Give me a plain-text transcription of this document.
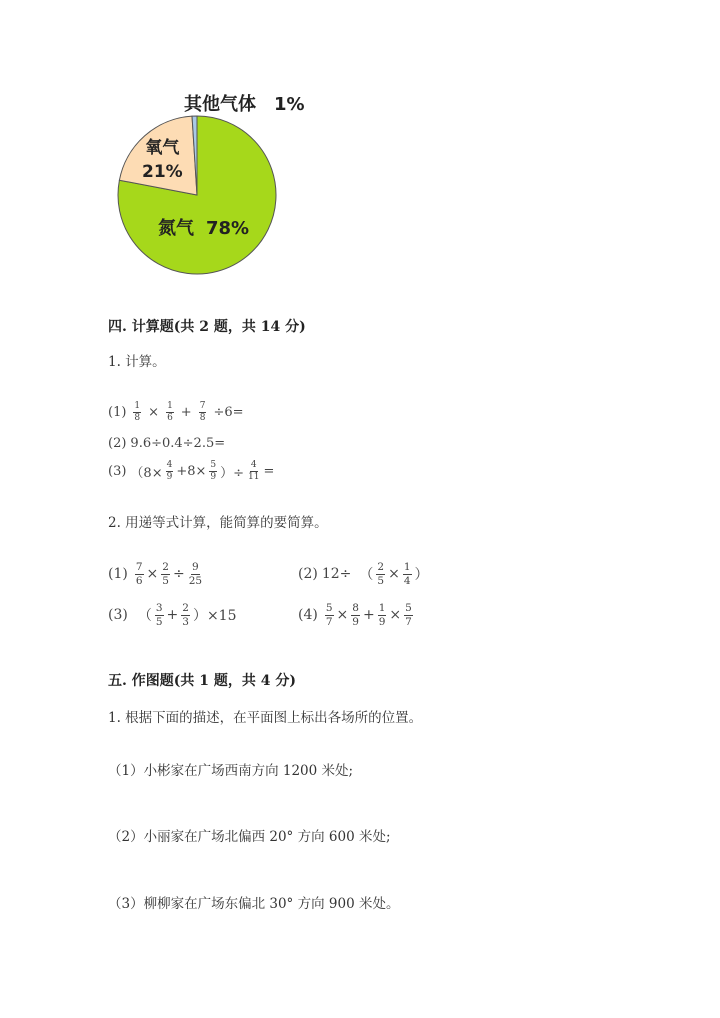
其他气体 1%
氧气
21%
氮气 78%
四. 计算题(共 2 题，共 14 分)
1. 计算。
$(1) \frac{1}{8} \times \frac{1}{6} + \frac{7}{8} \div 6=$
(2) 9.6÷0.4÷2.5=
(3) （$8\times \frac{4}{9} +8\times \frac{5}{9}$ ）÷ $\frac{4}{11}$ =
2. 用递等式计算，能简算的要简算。
$(1) \frac{7}{6} \times \frac{2}{5} \div \frac{9}{25}$	(2) 12÷ （ $\frac{2}{5} \times \frac{1}{4}$ ）
(3) （ $\frac{3}{5} + \frac{2}{3} )\times 15$	$(4) \frac{5}{7} \times \frac{8}{9} + \frac{1}{9} \times \frac{5}{7}$
五. 作图题(共 1 题，共 4 分)
1. 根据下面的描述，在平面图上标出各场所的位置。
（1）小彬家在广场西南方向 1200 米处;
（2）小丽家在广场北偏西 20° 方向 600 米处;
（3）柳柳家在广场东偏北 30° 方向 900 米处。
